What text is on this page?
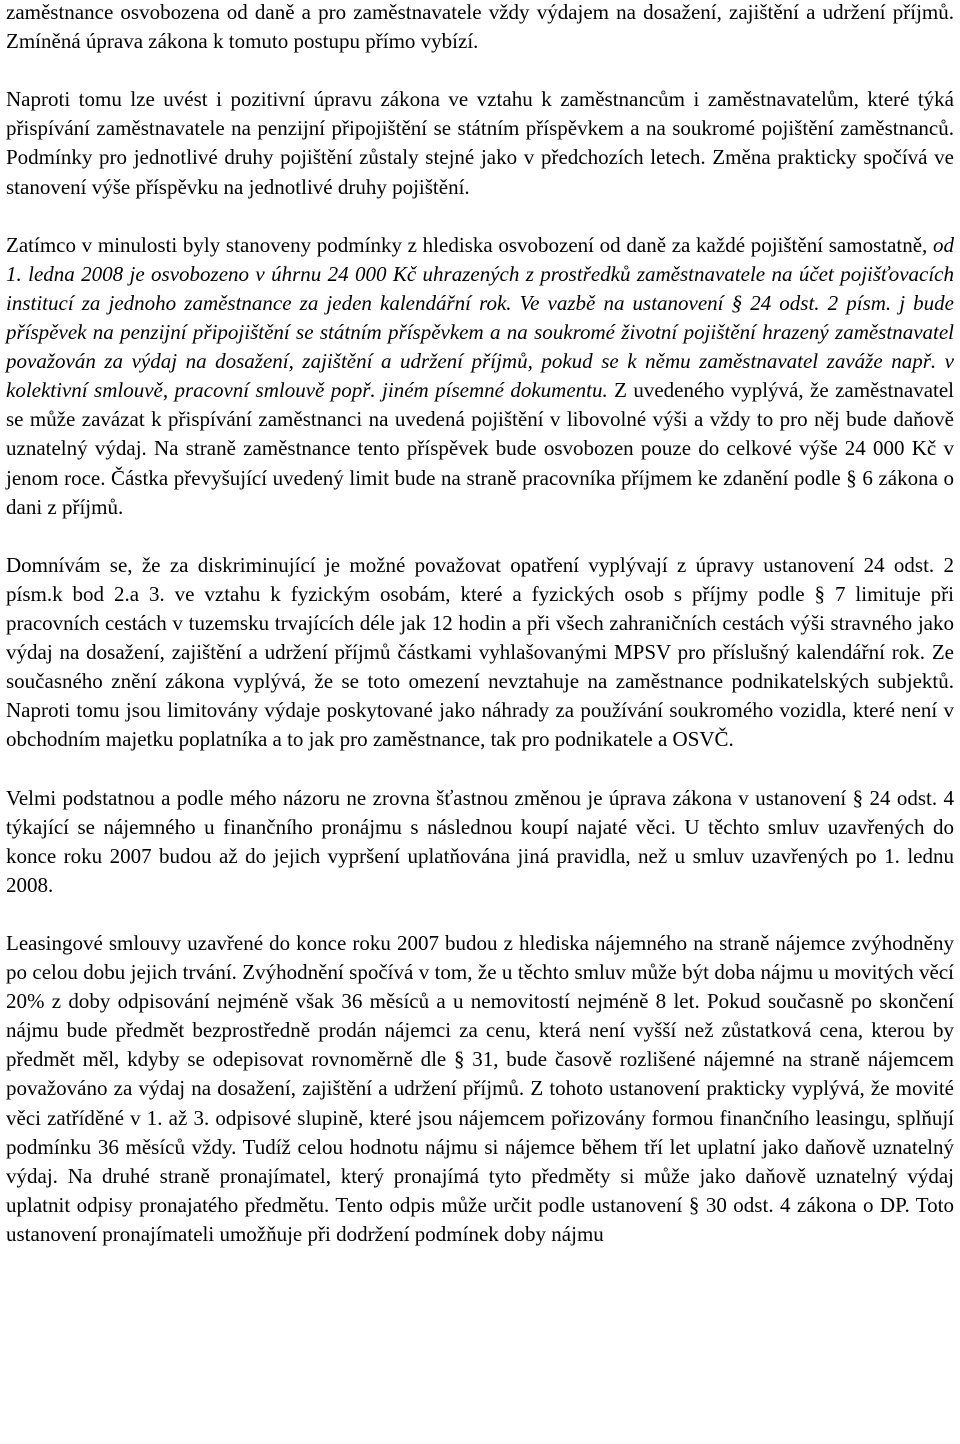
zaměstnance osvobozena od daně a pro zaměstnavatele vždy výdajem na dosažení, zajištění a udržení příjmů. Zmíněná úprava zákona k tomuto postupu přímo vybízí.

Naproti tomu lze uvést i pozitivní úpravu zákona ve vztahu k zaměstnancům i zaměstnavatelům, které týká přispívání zaměstnavatele na penzijní připojištění se státním příspěvkem a na soukromé pojištění zaměstnanců. Podmínky pro jednotlivé druhy pojištění zůstaly stejné jako v předchozích letech. Změna prakticky spočívá ve stanovení výše příspěvku na jednotlivé druhy pojištění.

Zatímco v minulosti byly stanoveny podmínky z hlediska osvobození od daně za každé pojištění samostatně, od 1. ledna 2008 je osvobozeno v úhrnu 24 000 Kč uhrazených z prostředků zaměstnavatele na účet pojišťovacích institucí za jednoho zaměstnance za jeden kalendářní rok. Ve vazbě na ustanovení § 24 odst. 2 písm. j bude příspěvek na penzijní připojištění se státním příspěvkem a na soukromé životní pojištění hrazený zaměstnavatel považován za výdaj na dosažení, zajištění a udržení příjmů, pokud se k němu zaměstnavatel zaváže např. v kolektivní smlouvě, pracovní smlouvě popř. jiném písemné dokumentu. Z uvedeného vyplývá, že zaměstnavatel se může zavázat k přispívání zaměstnanci na uvedená pojištění v libovolné výši a vždy to pro něj bude daňově uznatelný výdaj. Na straně zaměstnance tento příspěvek bude osvobozen pouze do celkové výše 24 000 Kč v jenom roce. Částka převyšující uvedený limit bude na straně pracovníka příjmem ke zdanění podle § 6 zákona o dani z příjmů.

Domnívám se, že za diskriminující je možné považovat opatření vyplývají z úpravy ustanovení 24 odst. 2 písm.k bod 2.a 3. ve vztahu k fyzickým osobám, které a fyzických osob s příjmy podle § 7 limituje při pracovních cestách v tuzemsku trvajících déle jak 12 hodin a při všech zahraničních cestách výši stravného jako výdaj na dosažení, zajištění a udržení příjmů částkami vyhlašovanými MPSV pro příslušný kalendářní rok. Ze současného znění zákona vyplývá, že se toto omezení nevztahuje na zaměstnance podnikatelských subjektů. Naproti tomu jsou limitovány výdaje poskytované jako náhrady za používání soukromého vozidla, které není v obchodním majetku poplatníka a to jak pro zaměstnance, tak pro podnikatele a OSVČ.

Velmi podstatnou a podle mého názoru ne zrovna šťastnou změnou je úprava zákona v ustanovení § 24 odst. 4 týkající se nájemného u finančního pronájmu s následnou koupí najaté věci. U těchto smluv uzavřených do konce roku 2007 budou až do jejich vypršení uplatňována jiná pravidla, než u smluv uzavřených po 1. lednu 2008.

Leasingové smlouvy uzavřené do konce roku 2007 budou z hlediska nájemného na straně nájemce zvýhodněny po celou dobu jejich trvání. Zvýhodnění spočívá v tom, že u těchto smluv může být doba nájmu u movitých věcí 20% z doby odpisování nejméně však 36 měsíců a u nemovitostí nejméně 8 let. Pokud současně po skončení nájmu bude předmět bezprostředně prodán nájemci za cenu, která není vyšší než zůstatková cena, kterou by předmět měl, kdyby se odepisovat rovnoměrně dle § 31, bude časově rozlišené nájemné na straně nájemcem považováno za výdaj na dosažení, zajištění a udržení příjmů. Z tohoto ustanovení prakticky vyplývá, že movité věci zatříděné v 1. až 3. odpisové slupině, které jsou nájemcem pořizovány formou finančního leasingu, splňují podmínku 36 měsíců vždy. Tudíž celou hodnotu nájmu si nájemce během tří let uplatní jako daňově uznatelný výdaj. Na druhé straně pronajímatel, který pronajímá tyto předměty si může jako daňově uznatelný výdaj uplatnit odpisy pronajatého předmětu. Tento odpis může určit podle ustanovení § 30 odst. 4 zákona o DP. Toto ustanovení pronajímateli umožňuje při dodržení podmínek doby nájmu
